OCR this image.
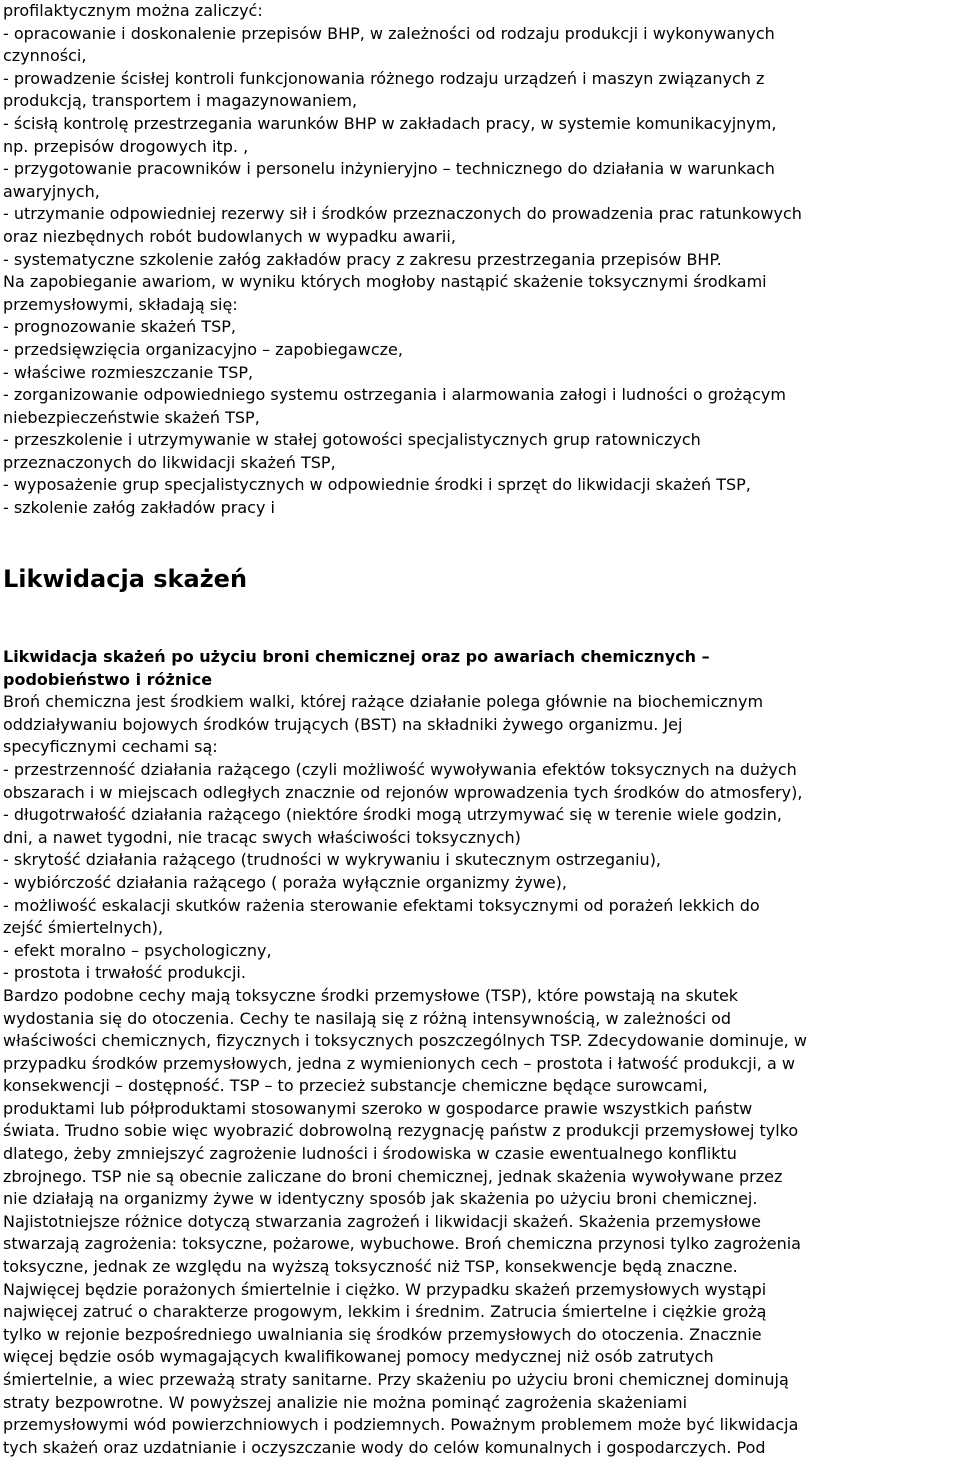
profilaktycznym można zaliczyć:
- opracowanie i doskonalenie przepisów BHP, w zależności od rodzaju produkcji i wykonywanych
czynności,
- prowadzenie ścisłej kontroli funkcjonowania różnego rodzaju urządzeń i maszyn związanych z
produkcją, transportem i magazynowaniem,
- ścisłą kontrolę przestrzegania warunków BHP w zakładach pracy, w systemie komunikacyjnym,
np. przepisów drogowych itp. ,
- przygotowanie pracowników i personelu inżynieryjno – technicznego do działania w warunkach
awaryjnych,
- utrzymanie odpowiedniej rezerwy sił i środków przeznaczonych do prowadzenia prac ratunkowych
oraz niezbędnych robót budowlanych w wypadku awarii,
- systematyczne szkolenie załóg zakładów pracy z zakresu przestrzegania przepisów BHP.
Na zapobieganie awariom, w wyniku których mogłoby nastąpić skażenie toksycznymi środkami
przemysłowymi, składają się:
- prognozowanie skażeń TSP,
- przedsięwzięcia organizacyjno – zapobiegawcze,
- właściwe rozmieszczanie TSP,
- zorganizowanie odpowiedniego systemu ostrzegania i alarmowania załogi i ludności o grożącym
niebezpieczeństwie skażeń TSP,
- przeszkolenie i utrzymywanie w stałej gotowości specjalistycznych grup ratowniczych
przeznaczonych do likwidacji skażeń TSP,
- wyposażenie grup specjalistycznych w odpowiednie środki i sprzęt do likwidacji skażeń TSP,
- szkolenie załóg zakładów pracy i
Likwidacja skażeń
Likwidacja skażeń po użyciu broni chemicznej oraz po awariach chemicznych –
podobieństwo i różnice
Broń chemiczna jest środkiem walki, której rażące działanie polega głównie na biochemicznym
oddziaływaniu bojowych środków trujących (BST) na składniki żywego organizmu. Jej
specyficznymi cechami są:
- przestrzenność działania rażącego (czyli możliwość wywoływania efektów toksycznych na dużych
obszarach i w miejscach odległych znacznie od rejonów wprowadzenia tych środków do atmosfery),
- długotrwałość działania rażącego (niektóre środki mogą utrzymywać się w terenie wiele godzin,
dni, a nawet tygodni, nie tracąc swych właściwości toksycznych)
- skrytość działania rażącego (trudności w wykrywaniu i skutecznym ostrzeganiu),
- wybiórczość działania rażącego ( poraża wyłącznie organizmy żywe),
- możliwość eskalacji skutków rażenia sterowanie efektami toksycznymi od porażeń lekkich do
zejść śmiertelnych),
- efekt moralno – psychologiczny,
- prostota i trwałość produkcji.
Bardzo podobne cechy mają toksyczne środki przemysłowe (TSP), które powstają na skutek
wydostania się do otoczenia. Cechy te nasilają się z różną intensywnością, w zależności od
właściwości chemicznych, fizycznych i toksycznych poszczególnych TSP. Zdecydowanie dominuje, w
przypadku środków przemysłowych, jedna z wymienionych cech – prostota i łatwość produkcji, a w
konsekwencji – dostępność. TSP – to przecież substancje chemiczne będące surowcami,
produktami lub półproduktami stosowanymi szeroko w gospodarce prawie wszystkich państw
świata. Trudno sobie więc wyobrazić dobrowolną rezygnację państw z produkcji przemysłowej tylko
dlatego, żeby zmniejszyć zagrożenie ludności i środowiska w czasie ewentualnego konfliktu
zbrojnego. TSP nie są obecnie zaliczane do broni chemicznej, jednak skażenia wywoływane przez
nie działają na organizmy żywe w identyczny sposób jak skażenia po użyciu broni chemicznej.
Najistotniejsze różnice dotyczą stwarzania zagrożeń i likwidacji skażeń. Skażenia przemysłowe
stwarzają zagrożenia: toksyczne, pożarowe, wybuchowe. Broń chemiczna przynosi tylko zagrożenia
toksyczne, jednak ze względu na wyższą toksyczność niż TSP, konsekwencje będą znaczne.
Najwięcej będzie porażonych śmiertelnie i ciężko. W przypadku skażeń przemysłowych wystąpi
najwięcej zatruć o charakterze progowym, lekkim i średnim. Zatrucia śmiertelne i ciężkie grożą
tylko w rejonie bezpośredniego uwalniania się środków przemysłowych do otoczenia. Znacznie
więcej będzie osób wymagających kwalifikowanej pomocy medycznej niż osób zatrutych
śmiertelnie, a wiec przeważą straty sanitarne. Przy skażeniu po użyciu broni chemicznej dominują
straty bezpowrotne. W powyższej analizie nie można pominąć zagrożenia skażeniami
przemysłowymi wód powierzchniowych i podziemnych. Poważnym problemem może być likwidacja
tych skażeń oraz uzdatnianie i oczyszczanie wody do celów komunalnych i gospodarczych. Pod
